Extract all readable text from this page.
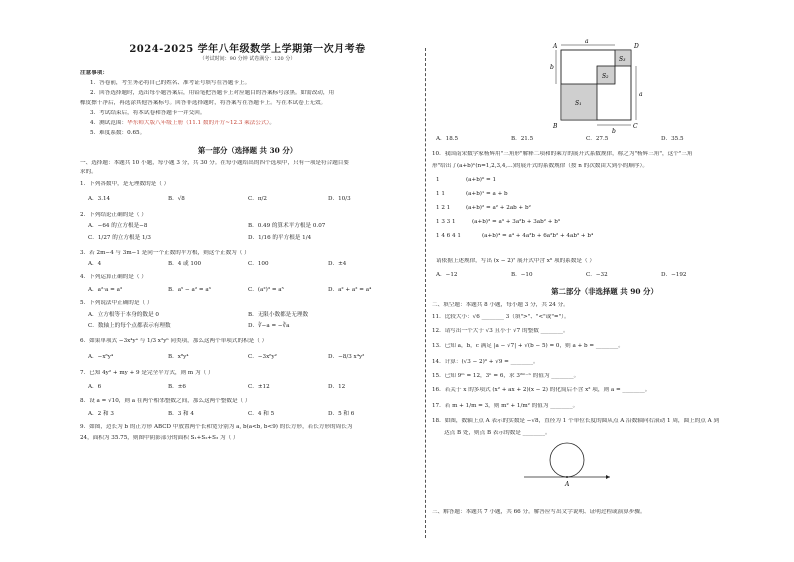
2024-2025 学年八年级数学上学期第一次月考卷
（考试时间：90 分钟 试卷满分：120 分）
注意事项：
1．答卷前，考生务必将自己的姓名、准考证号填写在答题卡上。
2．回答选择题时，选出每小题答案后，用铅笔把答题卡上对应题目的答案标号涂黑。如需改动，用
橡皮擦干净后，再选涂其他答案标号。回答非选择题时，将答案写在答题卡上。写在本试卷上无效。
3．考试结束后，将本试卷和答题卡一并交回。
4．测试范围：华东师大版八年级上册（11.1 数的开方~12.3 乘法公式）。
5．难度系数：0.65。
第一部分（选择题 共 30 分）
一、选择题：本题共 10 小题，每小题 3 分，共 30 分。在每小题给出的四个选项中，只有一项是符合题目要
求的。
1．下列各数中，是无理数的是（ ）
A．3.14	B．√8	C．π/2	D．10/3
2．下列结论正确的是（ ）
A．−64 的立方根是−8	B．0.49 的算术平方根是 0.07
C．1/27 的立方根是 1/3	D．1/16 的平方根是 1/4
3．若 2m−4 与 3m−1 是同一个正数的平方根，则这个正数为（ ）
A．4	B．4 或 100	C．100	D．±4
4．下列运算正确的是（ ）
A．a²·a = a³	B．a⁵ − a² = a³	C．(a²)³ = a⁵	D．a² + a² = a⁴
5．下列说法中正确的是（ ）
A．立方根等于本身的数是 0	B．无限小数都是无理数
C．数轴上的每个点都表示有理数	D．∛−a = −∛a
6．如果单项式 −3x⁴yᵃ 与 1/3 x²yᵇ 同类项，那么这两个单项式的积是（ ）
A．−x⁶y⁴	B．x⁸y⁴	C．−3x⁶y²	D．−8/3 x⁴y²
7．已知 4y² + my + 9 是完全平方式，则 m 为（ ）
A．6	B．±6	C．±12	D．12
8．设 a = √10，则 a 在两个相邻整数之间，那么这两个整数是（ ）
A．2 和 3	B．3 和 4	C．4 和 5	D．5 和 6
9．如图，边长为 b 的正方形 ABCD 中放置两个长和宽分别为 a, b(a<b, b<9) 的长方形，若长方形的周长为
24，面积为 35.75，则图中阴影部分的面积 S₁+S₂+S₃ 为（ ）
a
a
b
b
A
B	C
D
S₁
S₂
S₃
A．18.5	B．21.5	C．27.5	D．35.5
10．我国南宋数学家杨辉用"三角形"解释二项和的乘方的展开式系数规律，称之为"杨辉三角"，这个"三角
形"给出了(a+b)ⁿ(n=1,2,3,4,…)的展开式的系数规律（按 n 的次数由大到小的顺序）。
1	(a+b)⁰ = 1
1 1	(a+b)¹ = a + b
1 2 1	(a+b)² = a² + 2ab + b²
1 3 3 1	(a+b)³ = a³ + 3a²b + 3ab² + b³
1 4 6 4 1	(a+b)⁴ = a⁴ + 4a³b + 6a²b² + 4ab³ + b⁴
请依据上述规律，写出 (x − 2)⁷ 展开式中含 x⁶ 项的系数是（ ）
A．−12	B．−10	C．−32	D．−192
第二部分（非选择题 共 90 分）
二、填空题：本题共 8 小题，每小题 3 分，共 24 分。
11．比较大小：√6 ________ 3（填">"、"<"或"="）。
12．请写出一个大于 √3 且小于 √7 的整数 ________。
13．已知 a，b，c 满足 |a − √7| + √(b − 5) = 0，则 a + b = ________。
14．计算：(√3 − 2)⁰ + √9 = ________。
15．已知 9ᵐ = 12，3ⁿ = 6，求 3²ᵐ⁻ⁿ 的值为 ________。
16．若关于 x 的多项式 (x² + ax + 2)(x − 2) 的化简后不含 x² 项，则 a = ________。
17．若 m + 1/m = 3，则 m² + 1/m² 的值为 ________。
18．如图，数轴上点 A 表示的实数是 −√8，直径为 1 个单位长度的圆从点 A 沿数轴向右滚动 1 周，圆上的点 A 到
达点 B 处，则点 B 表示的数是 ________。
A
三、解答题：本题共 7 小题，共 66 分。解答应写出文字说明、证明过程或演算步骤。
